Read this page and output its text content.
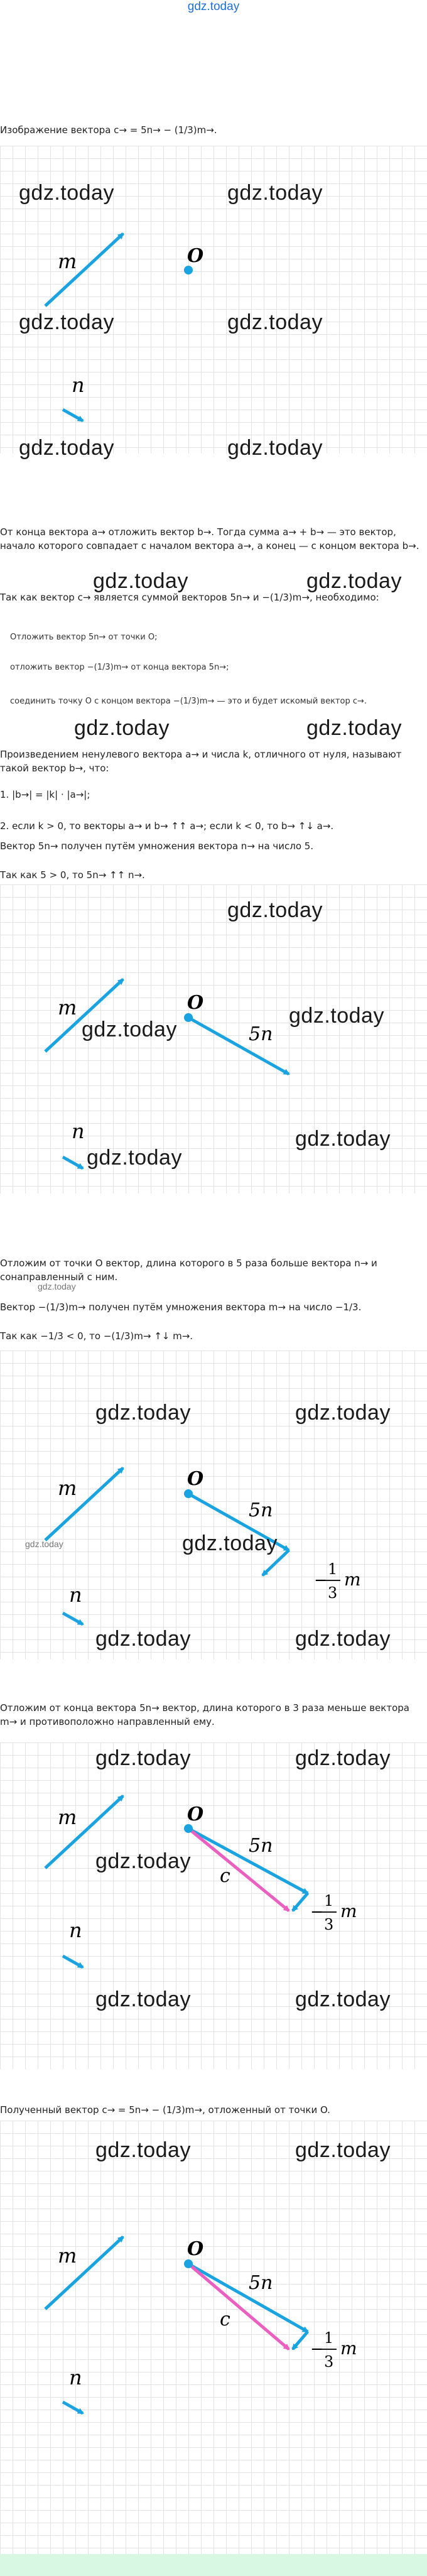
gdz.today
Изображение вектора c→ = 5n→ − (1/3)m→.
m
n
O
gdz.today	gdz.today
gdz.today	gdz.today
gdz.today	gdz.today
От конца вектора a→ отложить вектор b→. Тогда сумма a→ + b→ — это вектор, начало которого совпадает с началом вектора a→, а конец — с концом вектора b→.
Так как вектор c→ является суммой векторов 5n→ и −(1/3)m→, необходимо:
gdz.today	gdz.today
Отложить вектор 5n→ от точки O;
отложить вектор −(1/3)m→ от конца вектора 5n→;
соединить точку O с концом вектора −(1/3)m→ — это и будет искомый вектор c→.
gdz.today	gdz.today
Произведением ненулевого вектора a→ и числа k, отличного от нуля, называют такой вектор b→, что:
1. |b→| = |k| · |a→|;
2. если k > 0, то векторы a→ и b→ ↑↑ a→; если k < 0, то b→ ↑↓ a→.
Вектор 5n→ получен путём умножения вектора n→ на число 5.
Так как 5 > 0, то 5n→ ↑↑ n→.
m
n
O
5n
gdz.today
gdz.today
gdz.today
gdz.today
gdz.today
Отложим от точки O вектор, длина которого в 5 раза больше вектора n→ и сонаправленный с ним.
gdz.today
Вектор −(1/3)m→ получен путём умножения вектора m→ на число −1/3.
Так как −1/3 < 0, то −(1/3)m→ ↑↓ m→.
m
n
O
5n
−
1
3
m
gdz.today	gdz.today
gdz.today
gdz.today
gdz.today	gdz.today
Отложим от конца вектора 5n→ вектор, длина которого в 3 раза меньше вектора m→ и противоположно направленный ему.
m
n
O
5n
c
−
1
3
m
gdz.today	gdz.today
gdz.today
gdz.today	gdz.today
Полученный вектор c→ = 5n→ − (1/3)m→, отложенный от точки O.
m
n
O
5n
c
−
1
3
m
gdz.today	gdz.today
